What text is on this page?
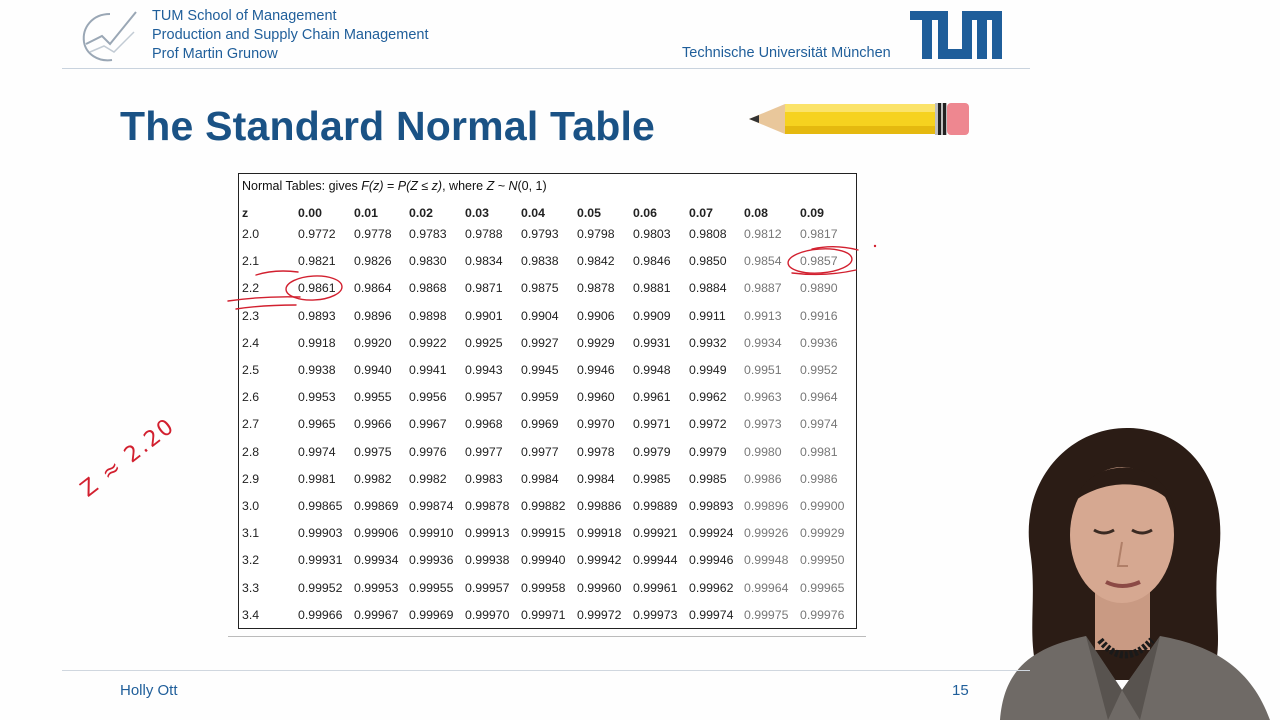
TUM School of Management
Production and Supply Chain Management
Prof Martin Grunow	Technische Universität München
The Standard Normal Table
Normal Tables: gives F(z) = P(Z ≤ z), where Z ~ N(0, 1)
z	0.00	0.01	0.02	0.03	0.04	0.05	0.06	0.07	0.08	0.09
2.0	0.9772 0.9778 0.9783 0.9788 0.9793 0.9798 0.9803 0.9808 0.9812 0.9817
2.1	0.9821 0.9826 0.9830 0.9834 0.9838 0.9842 0.9846 0.9850 0.9854 0.9857
2.2	0.9861 0.9864 0.9868 0.9871 0.9875 0.9878 0.9881 0.9884 0.9887 0.9890
2.3	0.9893 0.9896 0.9898 0.9901 0.9904 0.9906 0.9909 0.9911 0.9913 0.9916
2.4	0.9918 0.9920 0.9922 0.9925 0.9927 0.9929 0.9931 0.9932 0.9934 0.9936
2.5	0.9938 0.9940 0.9941 0.9943 0.9945 0.9946 0.9948 0.9949 0.9951 0.9952
2.6	0.9953 0.9955 0.9956 0.9957 0.9959 0.9960 0.9961 0.9962 0.9963 0.9964
2.7	0.9965 0.9966 0.9967 0.9968 0.9969 0.9970 0.9971 0.9972 0.9973 0.9974
2.8	0.9974 0.9975 0.9976 0.9977 0.9977 0.9978 0.9979 0.9979 0.9980 0.9981
2.9	0.9981 0.9982 0.9982 0.9983 0.9984 0.9984 0.9985 0.9985 0.9986 0.9986
3.0	0.99865 0.99869 0.99874 0.99878 0.99882 0.99886 0.99889 0.99893 0.99896 0.99900
3.1	0.99903 0.99906 0.99910 0.99913 0.99915 0.99918 0.99921 0.99924 0.99926 0.99929
3.2	0.99931 0.99934 0.99936 0.99938 0.99940 0.99942 0.99944 0.99946 0.99948 0.99950
3.3	0.99952 0.99953 0.99955 0.99957 0.99958 0.99960 0.99961 0.99962 0.99964 0.99965
3.4	0.99966 0.99967 0.99969 0.99970 0.99971 0.99972 0.99973 0.99974 0.99975 0.99976
Z ≈ 2.20
Holly Ott	15
